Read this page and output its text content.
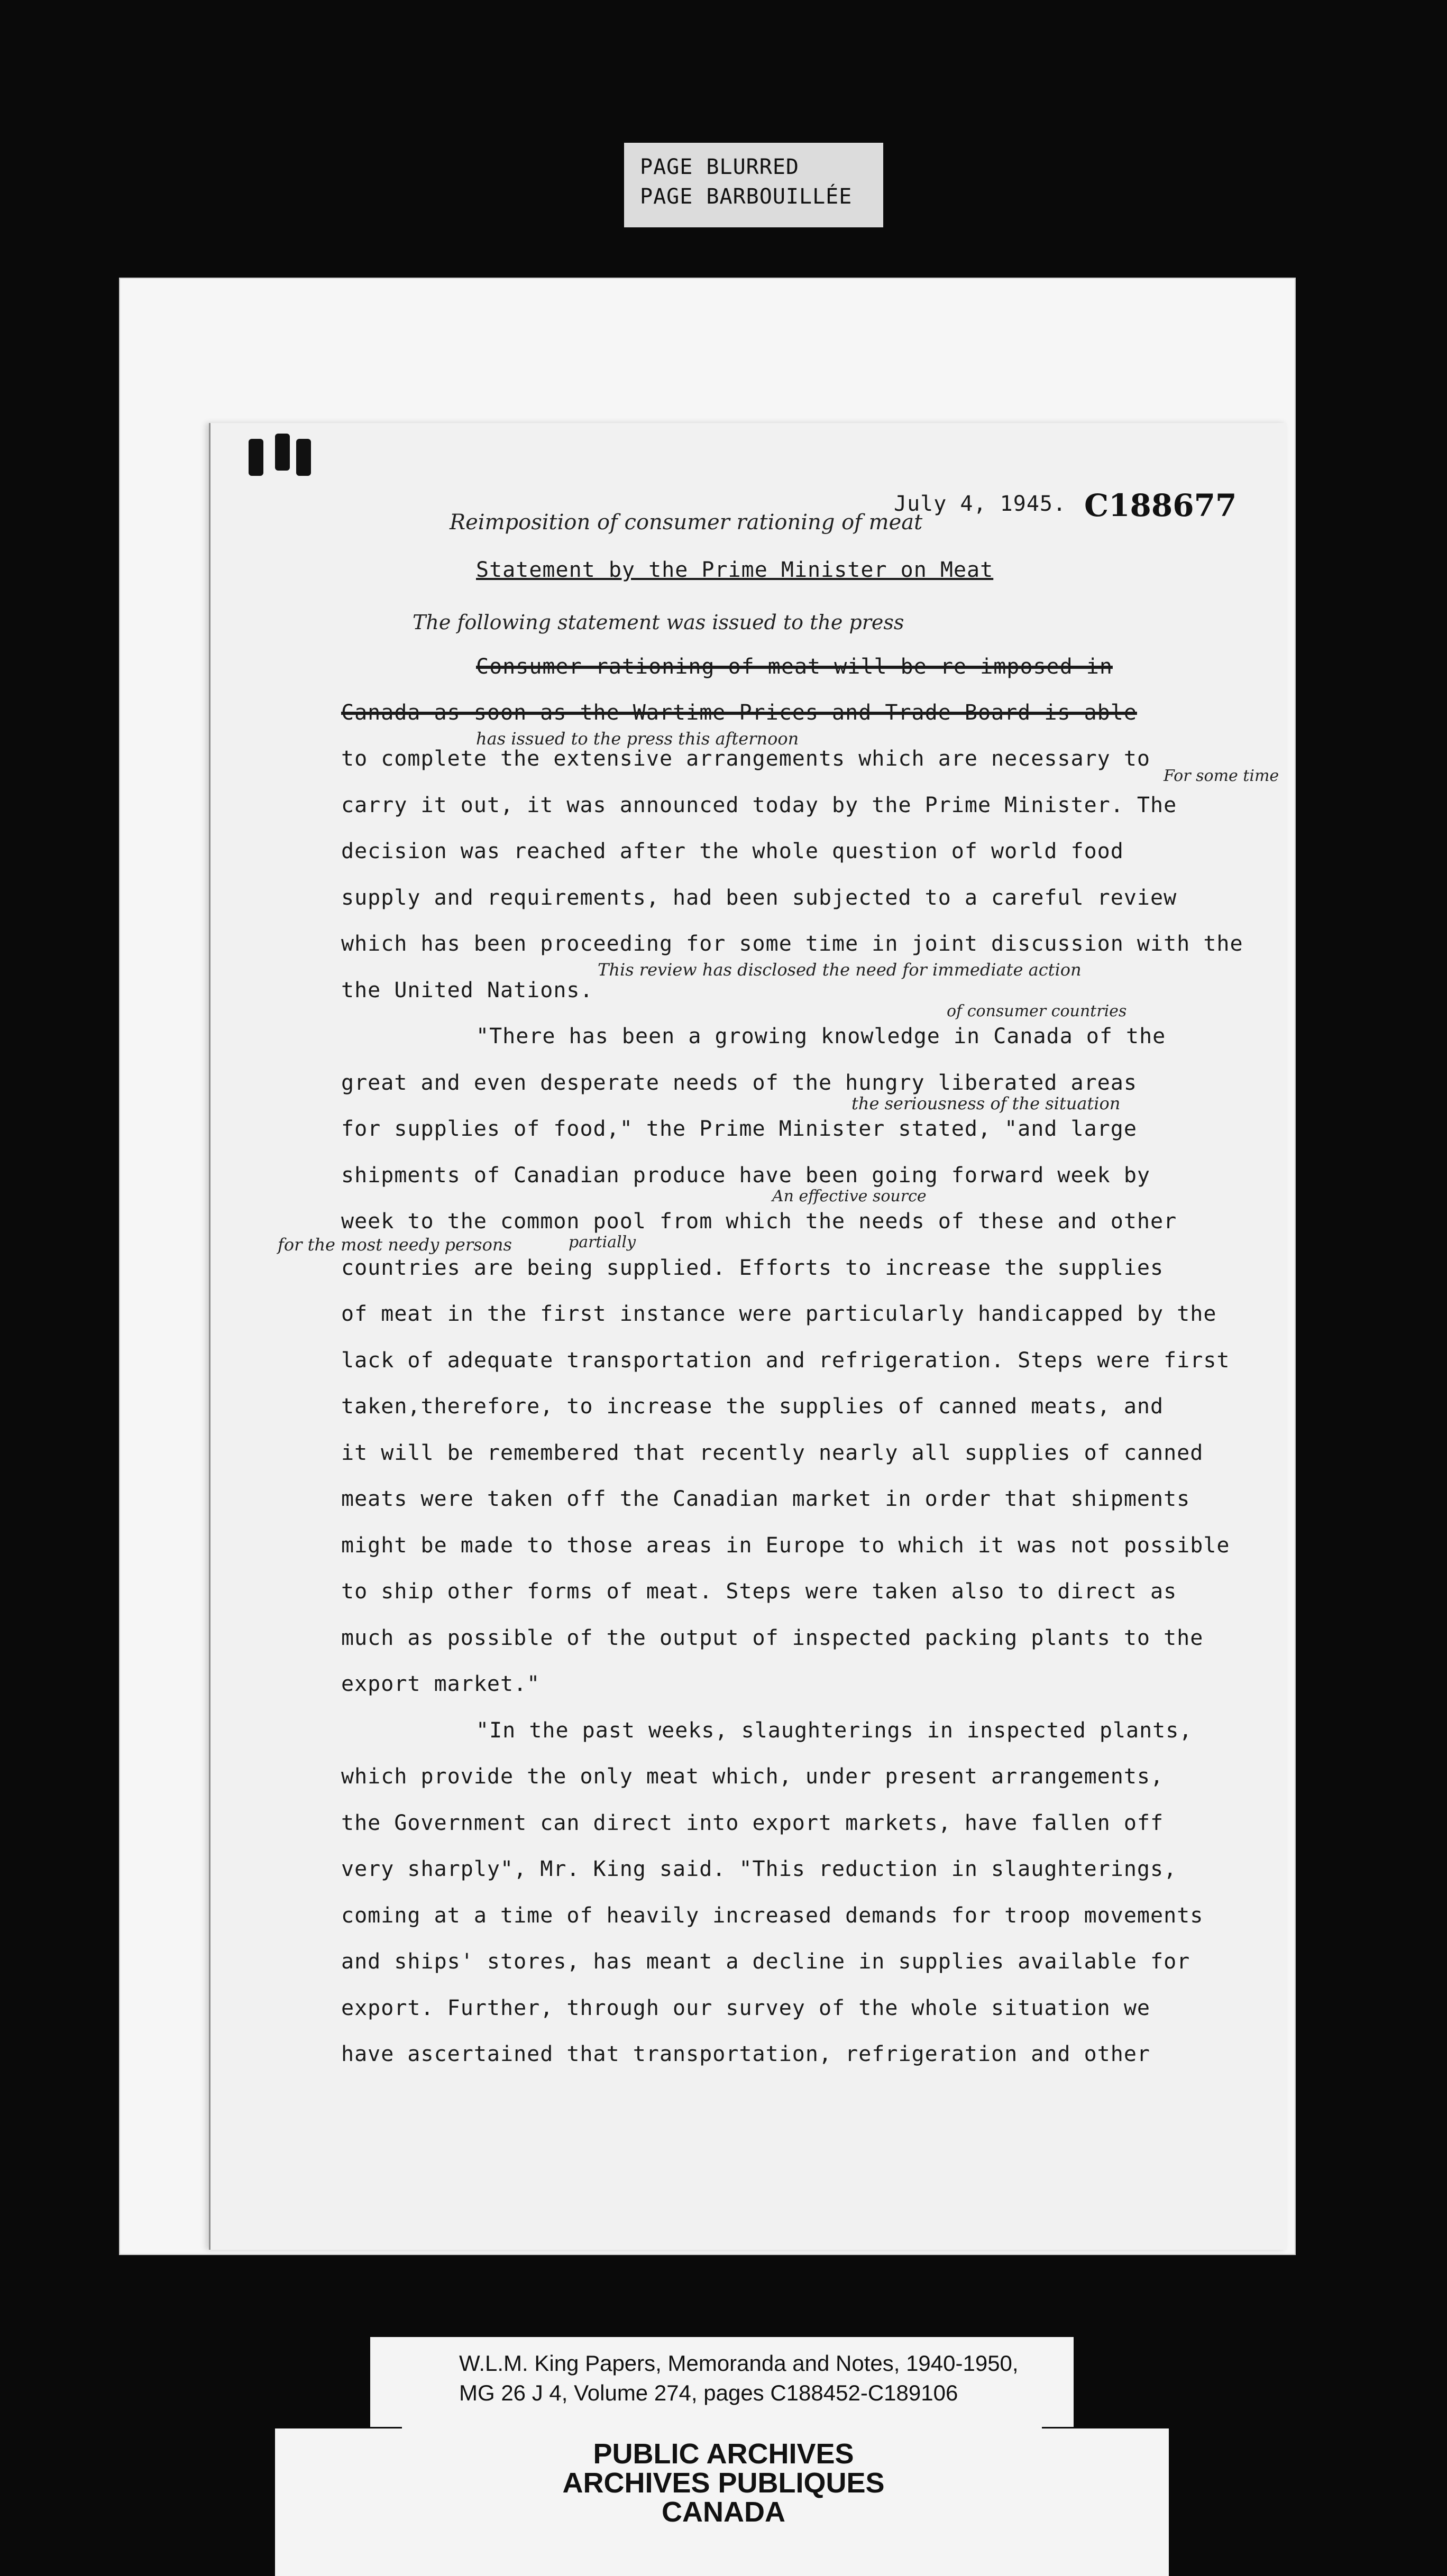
PAGE BLURRED
PAGE BARBOUILLÉE
July 4, 1945. C188677
Reimposition of consumer rationing of meat
Statement by the Prime Minister on Meat
The following statement was issued to the press
Consumer rationing of meat will be re-imposed in
Canada as soon as the Wartime Prices and Trade Board is able
has issued to the press this afternoon
to complete the extensive arrangements which are necessary to
carry it out, it was announced today by the Prime Minister. The
decision was reached after the whole question of world food
supply and requirements, had been subjected to a careful review
which has been proceeding for some time in joint discussion with the
the United Nations.
This review has disclosed the need for immediate action
of consumer countries
"There has been a growing knowledge in Canada of the
great and even desperate needs of the hungry liberated areas
the seriousness of the situation
for supplies of food," the Prime Minister stated, "and large
shipments of Canadian produce have been going forward week by
An effective source
week to the common pool from which the needs of these and other
for the most needy persons	partially
countries are being supplied. Efforts to increase the supplies
of meat in the first instance were particularly handicapped by the
lack of adequate transportation and refrigeration. Steps were first
taken,therefore, to increase the supplies of canned meats, and
it will be remembered that recently nearly all supplies of canned
meats were taken off the Canadian market in order that shipments
might be made to those areas in Europe to which it was not possible
to ship other forms of meat. Steps were taken also to direct as
much as possible of the output of inspected packing plants to the
export market."
"In the past weeks, slaughterings in inspected plants,
which provide the only meat which, under present arrangements,
the Government can direct into export markets, have fallen off
very sharply", Mr. King said. "This reduction in slaughterings,
coming at a time of heavily increased demands for troop movements
and ships' stores, has meant a decline in supplies available for
export. Further, through our survey of the whole situation we
have ascertained that transportation, refrigeration and other
For some time
W.L.M. King Papers, Memoranda and Notes, 1940-1950,
MG 26 J 4, Volume 274, pages C188452-C189106
PUBLIC ARCHIVES
ARCHIVES PUBLIQUES
CANADA
